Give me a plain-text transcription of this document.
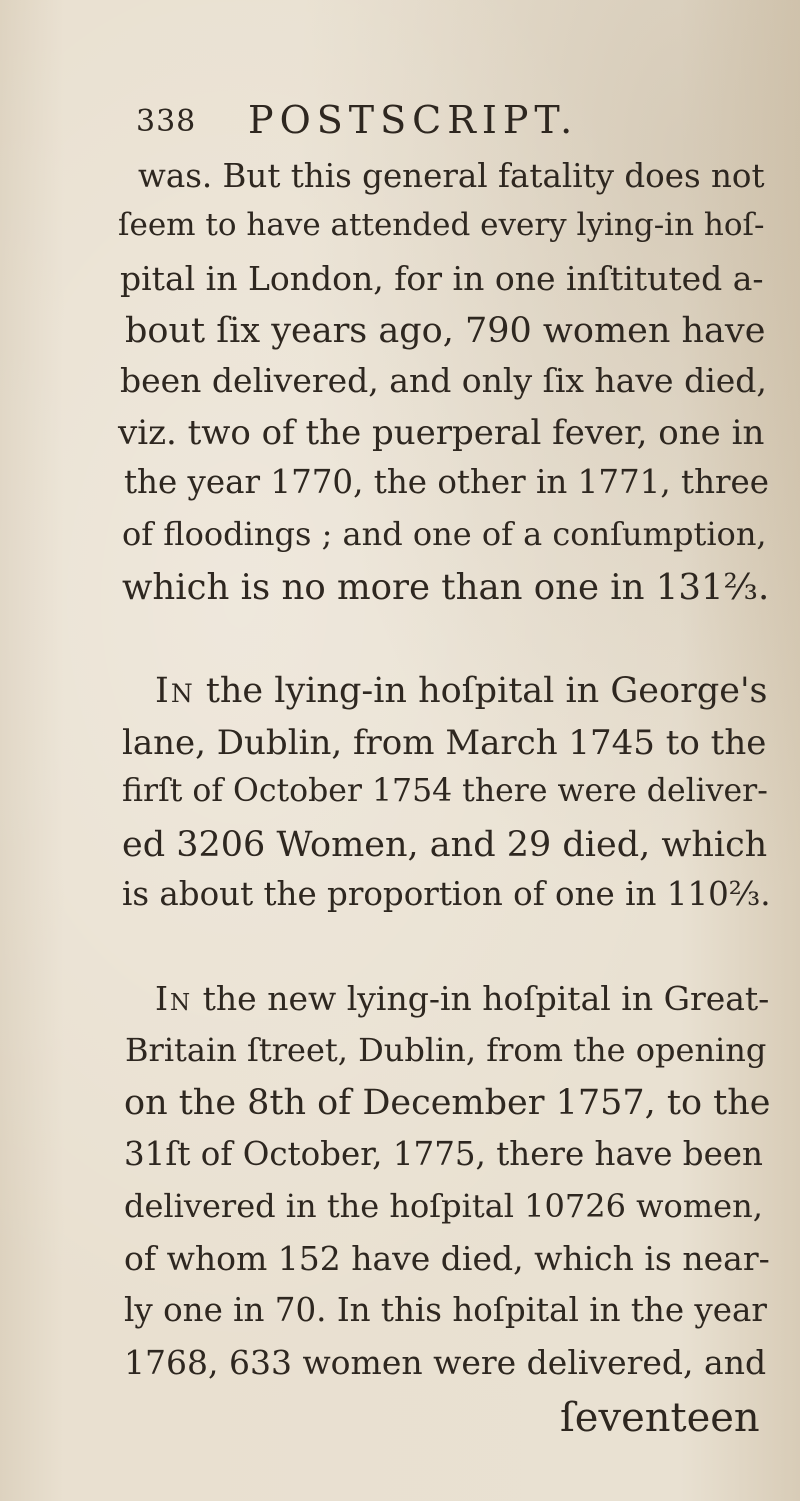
338 POSTSCRIPT.
was. But this general fatality does not
ſeem to have attended every lying-in hoſ-
pital in London, for in one inſtituted a-
bout ſix years ago, 790 women have
been delivered, and only ſix have died,
viz. two of the puerperal fever, one in
the year 1770, the other in 1771, three
of floodings ; and one of a conſumption,
which is no more than one in 131⅔.
In the lying-in hoſpital in George's
lane, Dublin, from March 1745 to the
firſt of October 1754 there were deliver-
ed 3206 Women, and 29 died, which
is about the proportion of one in 110⅔.
In the new lying-in hoſpital in Great-
Britain ſtreet, Dublin, from the opening
on the 8th of December 1757, to the
31ſt of October, 1775, there have been
delivered in the hoſpital 10726 women,
of whom 152 have died, which is near-
ly one in 70. In this hoſpital in the year
1768, 633 women were delivered, and
ſeventeen
